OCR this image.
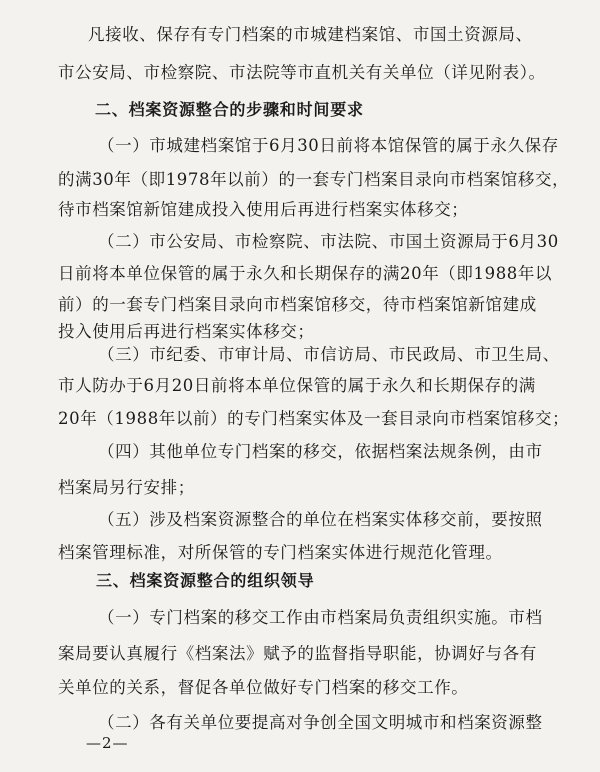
凡接收、保存有专门档案的市城建档案馆、市国土资源局、
市公安局、市检察院、市法院等市直机关有关单位（详见附表）。
二、档案资源整合的步骤和时间要求
（一）市城建档案馆于6月30日前将本馆保管的属于永久保存
的满30年（即1978年以前）的一套专门档案目录向市档案馆移交，
待市档案馆新馆建成投入使用后再进行档案实体移交；
（二）市公安局、市检察院、市法院、市国土资源局于6月30
日前将本单位保管的属于永久和长期保存的满20年（即1988年以
前）的一套专门档案目录向市档案馆移交，待市档案馆新馆建成
投入使用后再进行档案实体移交；
（三）市纪委、市审计局、市信访局、市民政局、市卫生局、
市人防办于6月20日前将本单位保管的属于永久和长期保存的满
20年（1988年以前）的专门档案实体及一套目录向市档案馆移交；
（四）其他单位专门档案的移交，依据档案法规条例，由市
档案局另行安排；
（五）涉及档案资源整合的单位在档案实体移交前，要按照
档案管理标准，对所保管的专门档案实体进行规范化管理。
三、档案资源整合的组织领导
（一）专门档案的移交工作由市档案局负责组织实施。市档
案局要认真履行《档案法》赋予的监督指导职能，协调好与各有
关单位的关系，督促各单位做好专门档案的移交工作。
（二）各有关单位要提高对争创全国文明城市和档案资源整
—2—
